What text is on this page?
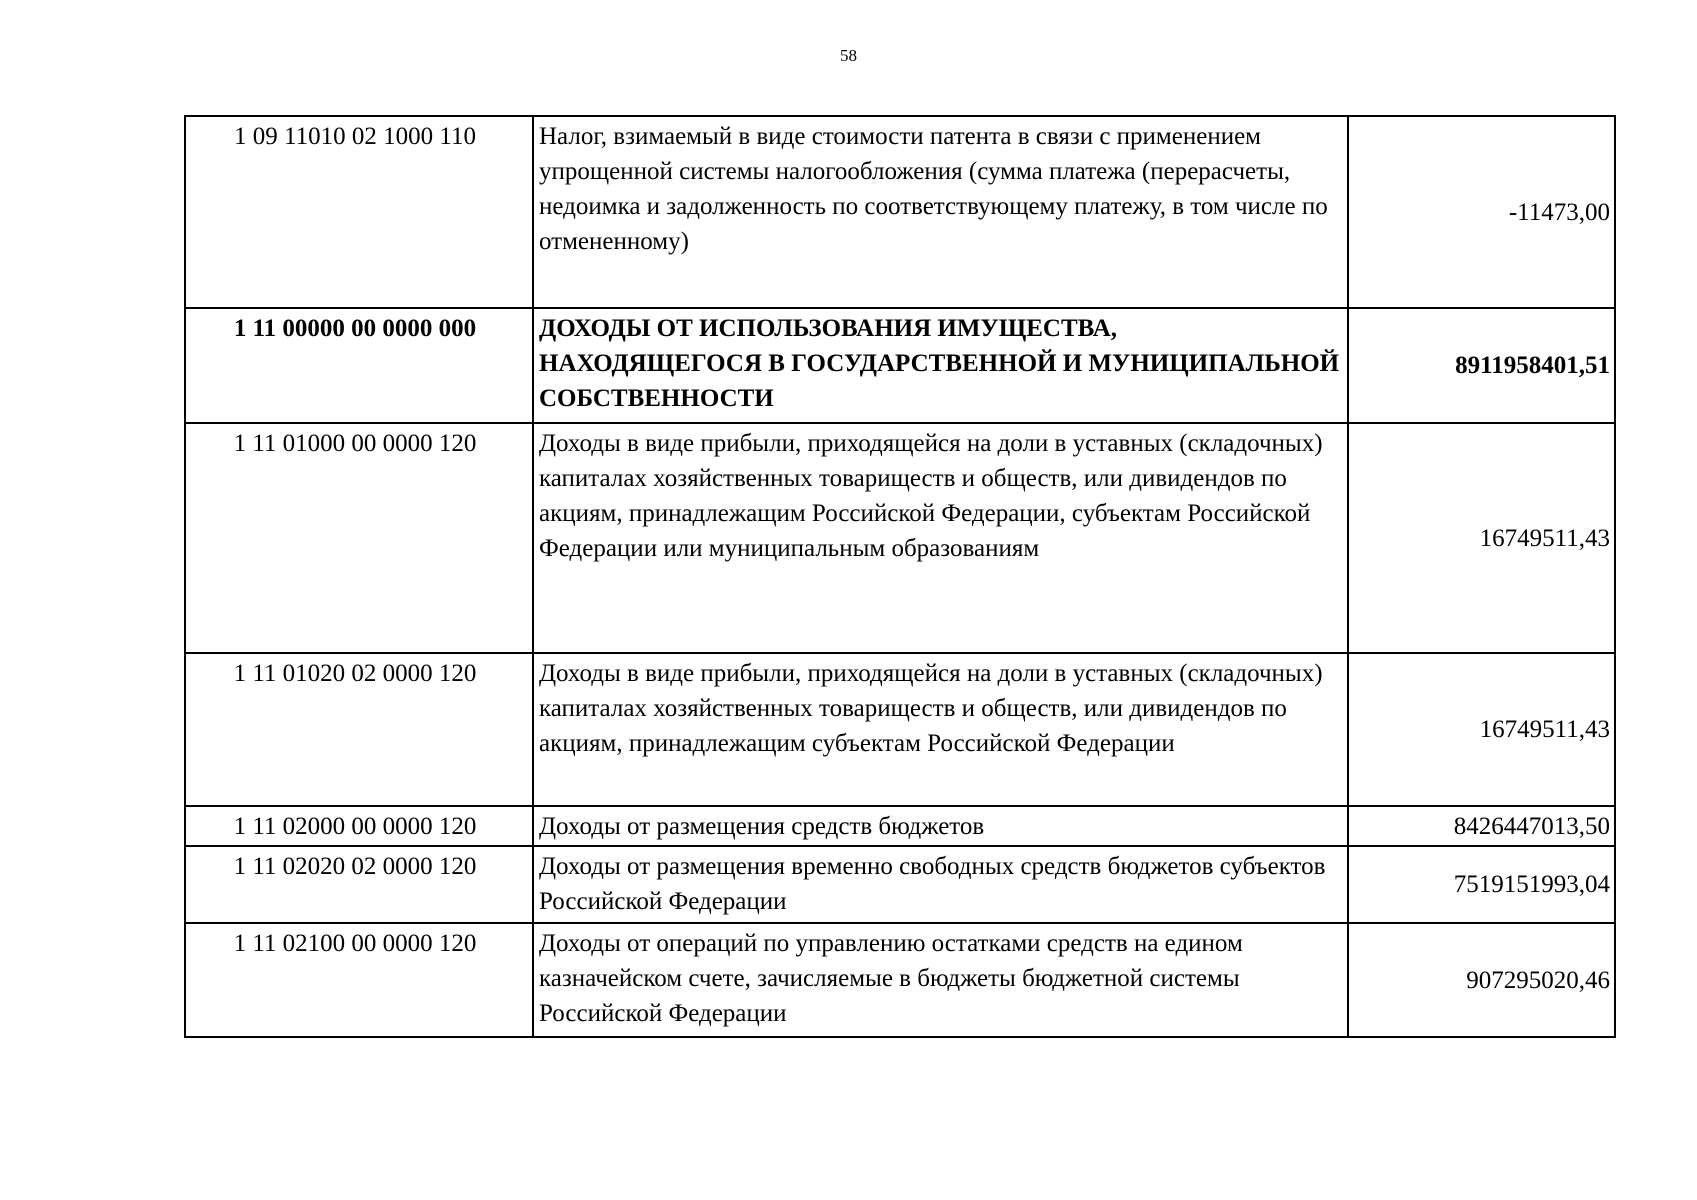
58
1 09 11010 02 1000 110	Налог, взимаемый в виде стоимости патента в связи с применением упрощенной системы налогообложения (сумма платежа (перерасчеты, недоимка и задолженность по соответствующему платежу, в том числе по отмененному)	-11473,00
1 11 00000 00 0000 000	ДОХОДЫ ОТ ИСПОЛЬЗОВАНИЯ ИМУЩЕСТВА, НАХОДЯЩЕГОСЯ В ГОСУДАРСТВЕННОЙ И МУНИЦИПАЛЬНОЙ СОБСТВЕННОСТИ	8911958401,51
1 11 01000 00 0000 120	Доходы в виде прибыли, приходящейся на доли в уставных (складочных) капиталах хозяйственных товариществ и обществ, или дивидендов по акциям, принадлежащим Российской Федерации, субъектам Российской Федерации или муниципальным образованиям	16749511,43
1 11 01020 02 0000 120	Доходы в виде прибыли, приходящейся на доли в уставных (складочных) капиталах хозяйственных товариществ и обществ, или дивидендов по акциям, принадлежащим субъектам Российской Федерации	16749511,43
1 11 02000 00 0000 120	Доходы от размещения средств бюджетов	8426447013,50
1 11 02020 02 0000 120	Доходы от размещения временно свободных средств бюджетов субъектов Российской Федерации	7519151993,04
1 11 02100 00 0000 120	Доходы от операций по управлению остатками средств на едином казначейском счете, зачисляемые в бюджеты бюджетной системы Российской Федерации	907295020,46
